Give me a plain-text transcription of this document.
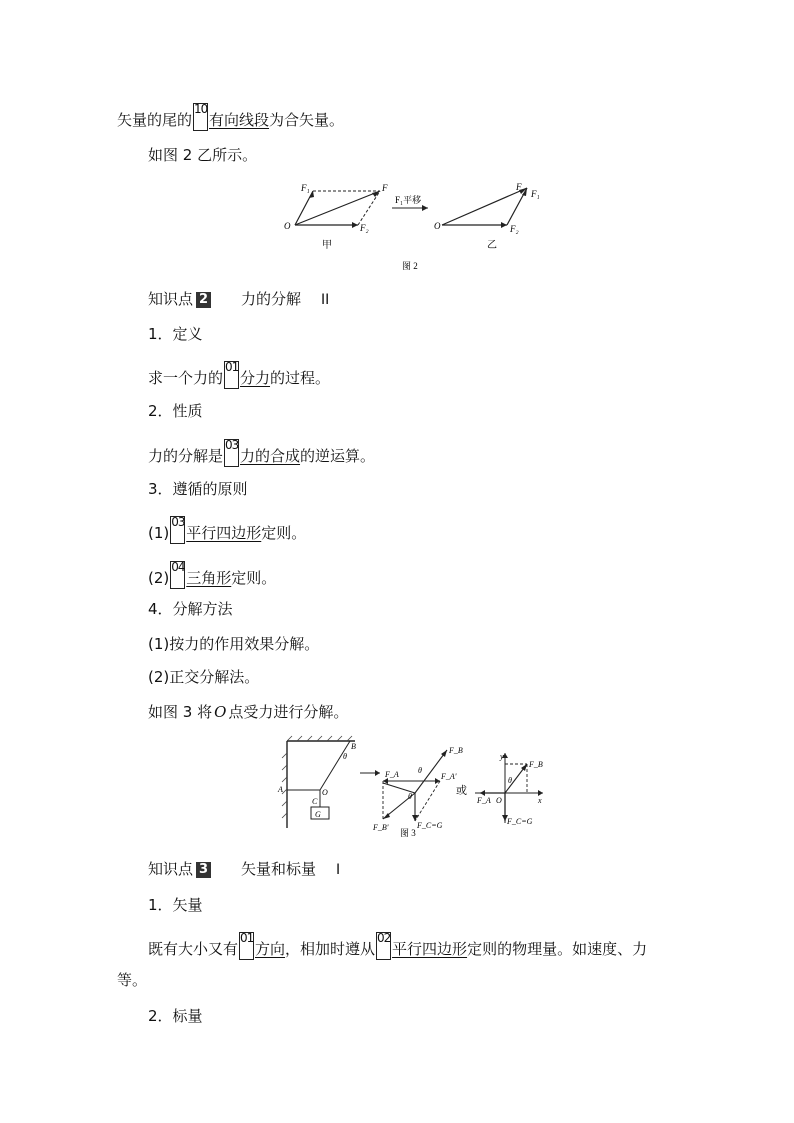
矢量的尾的
10
有向线段为合矢量。
如图 2 乙所示。
O
F₁	F
F₂
甲
F₁平移
O
F
F₁
F₂
乙
图 2
知识点 2 力的分解 II
1．定义
求一个力的
01
分力的过程。
2．性质
力的分解是
03
力的合成的逆运算。
3．遵循的原则
(1)
03
平行四边形定则。
(2)
04
三角形定则。
4．分解方法
(1)按力的作用效果分解。
(2)正交分解法。
如图 3 将 O 点受力进行分解。
G
A
B
C
O
θ
F_B
F_A	F_A'
F_B'	F_C=G
θ
θ	或
y
x
O
F_B
F_A
F_C=G
θ
图 3
知识点 3 矢量和标量 I
1．矢量
既有大小又有
01
方向，相加时遵从
02
平行四边形定则的物理量。如速度、力
等。
2．标量
